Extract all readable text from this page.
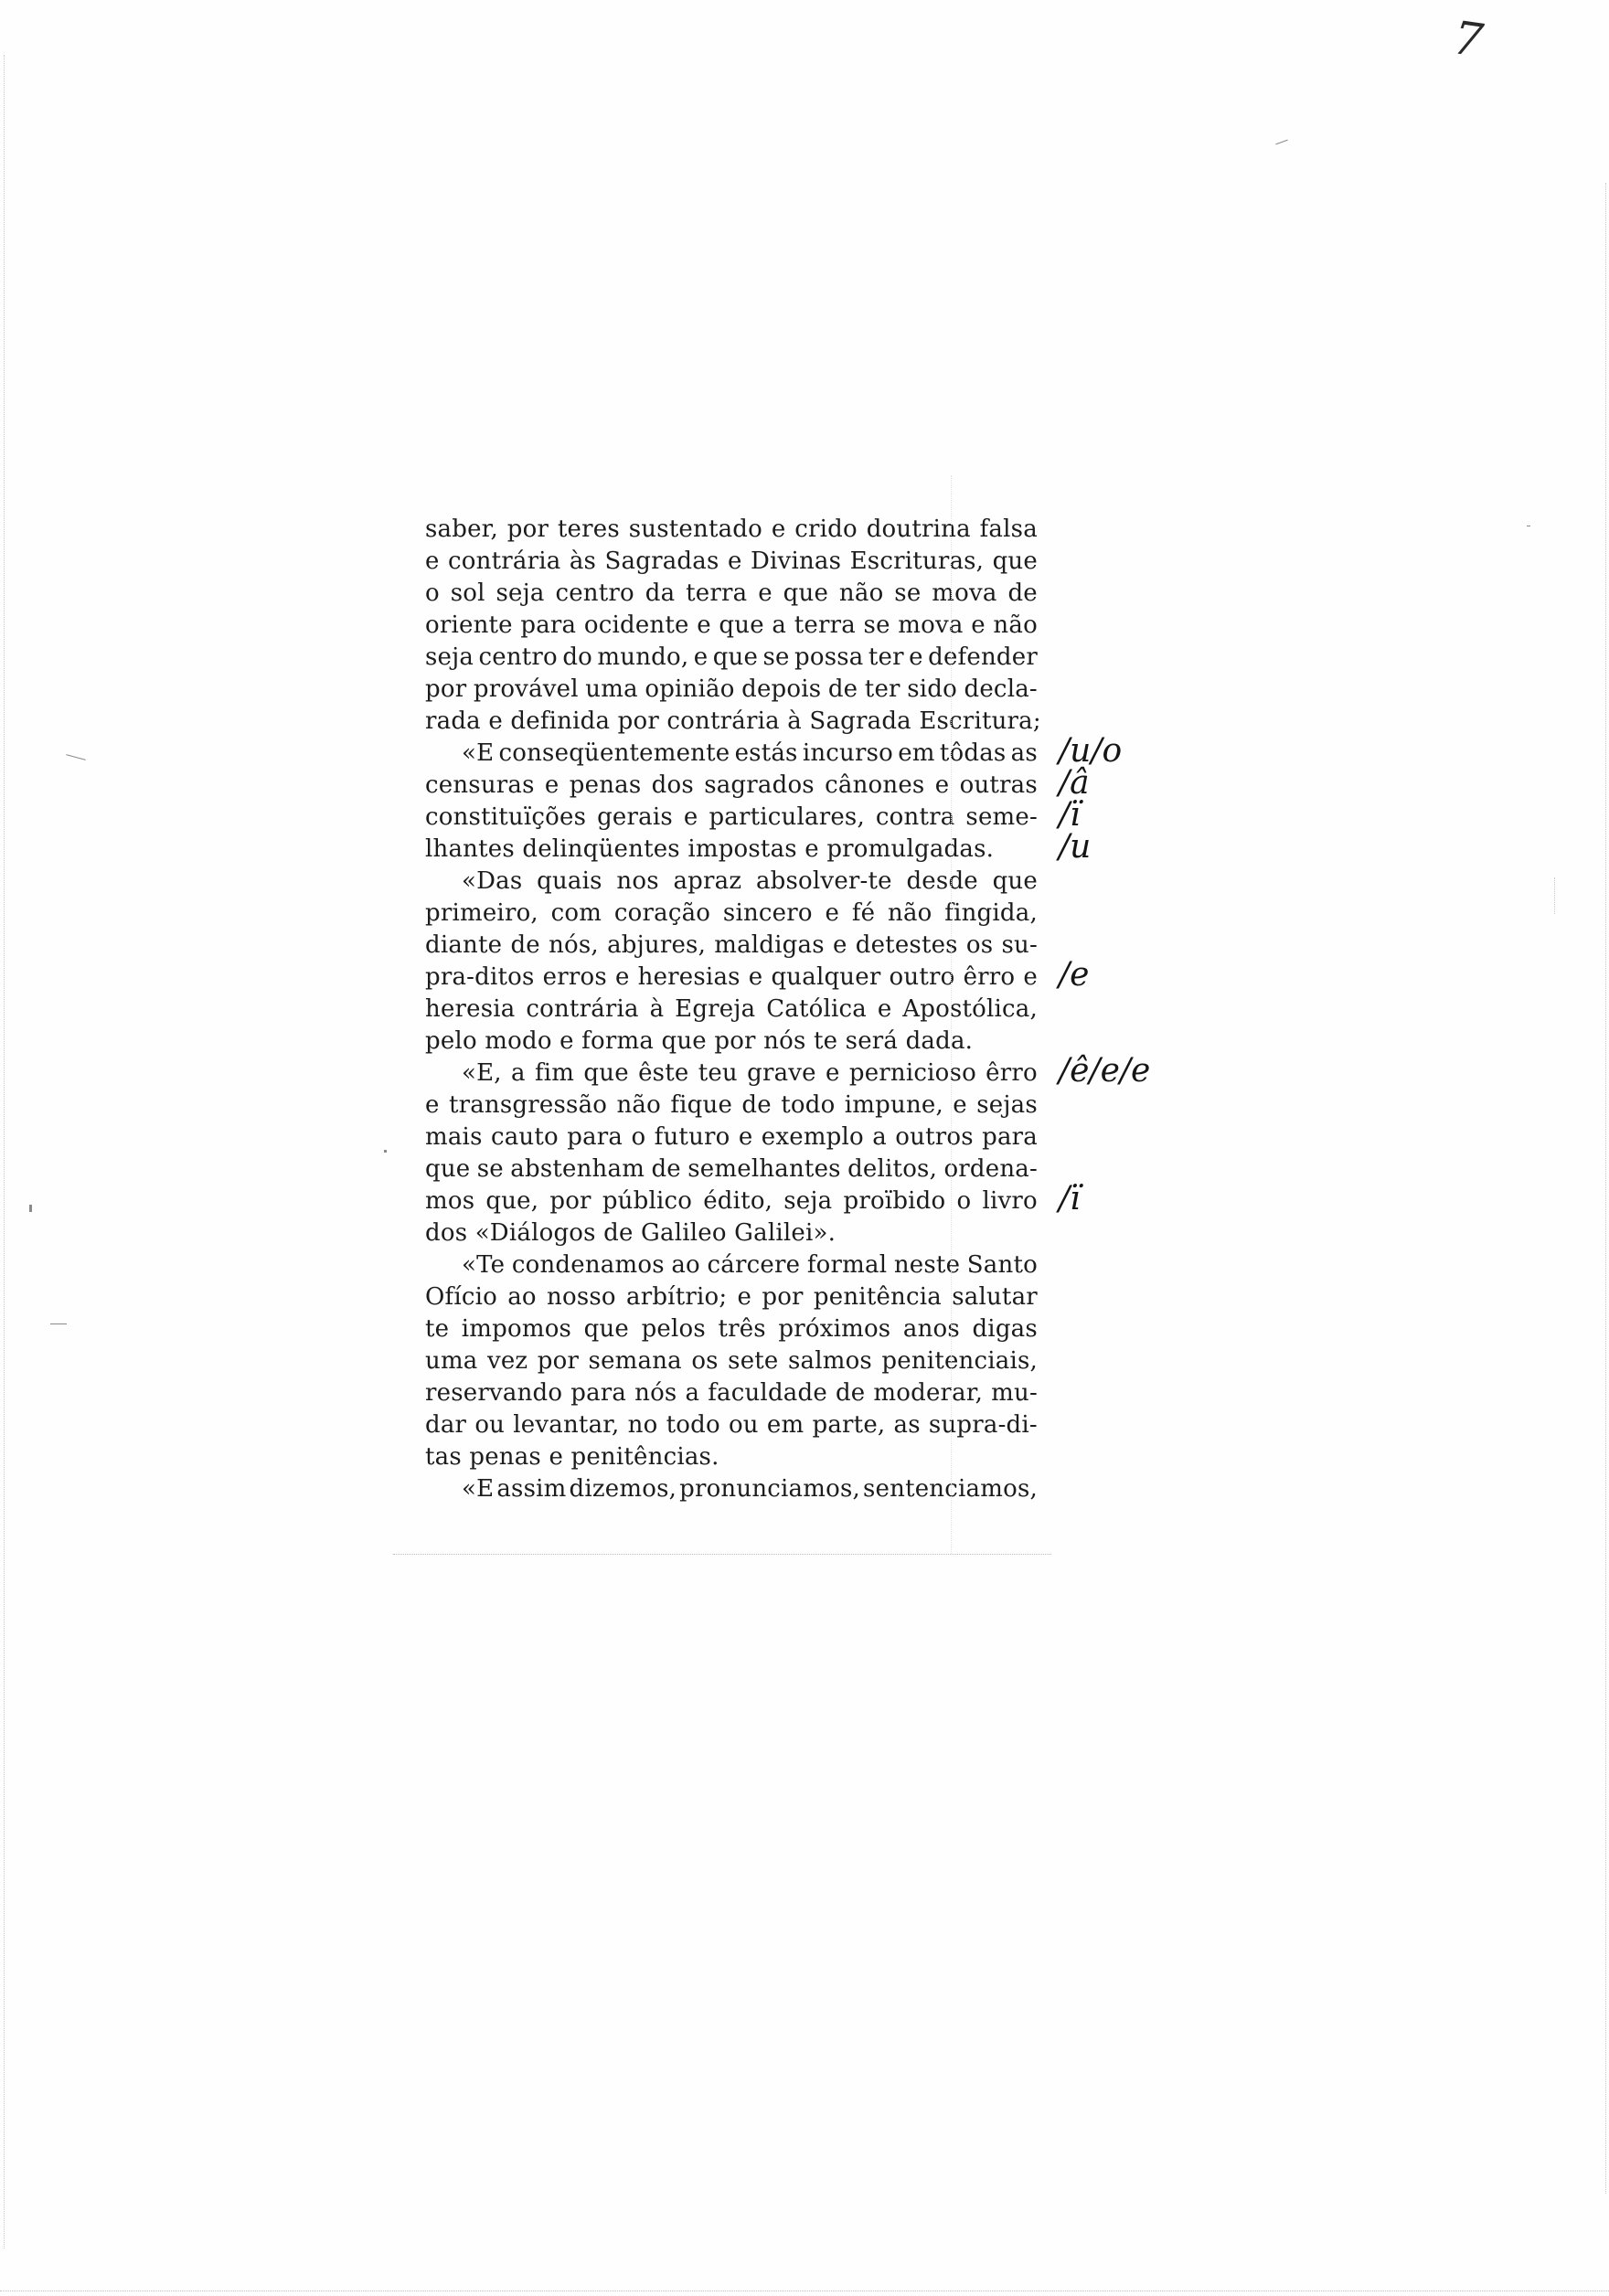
7
saber, por teres sustentado e crido doutrina falsa
e contrária às Sagradas e Divinas Escrituras, que
o sol seja centro da terra e que não se mova de
oriente para ocidente e que a terra se mova e não
seja centro do mundo, e que se possa ter e defender
por provável uma opinião depois de ter sido decla-
rada e definida por contrária à Sagrada Escritura;
«E conseqüentemente estás incurso em tôdas as
censuras e penas dos sagrados cânones e outras
constituïções gerais e particulares, contra seme-
lhantes delinqüentes impostas e promulgadas.
«Das quais nos apraz absolver-te desde que
primeiro, com coração sincero e fé não fingida,
diante de nós, abjures, maldigas e detestes os su-
pra-ditos erros e heresias e qualquer outro êrro e
heresia contrária à Egreja Católica e Apostólica,
pelo modo e forma que por nós te será dada.
«E, a fim que êste teu grave e pernicioso êrro
e transgressão não fique de todo impune, e sejas
mais cauto para o futuro e exemplo a outros para
que se abstenham de semelhantes delitos, ordena-
mos que, por público édito, seja proïbido o livro
dos «Diálogos de Galileo Galilei».
«Te condenamos ao cárcere formal neste Santo
Ofício ao nosso arbítrio; e por penitência salutar
te impomos que pelos três próximos anos digas
uma vez por semana os sete salmos penitenciais,
reservando para nós a faculdade de moderar, mu-
dar ou levantar, no todo ou em parte, as supra-di-
tas penas e penitências.
«E assim dizemos, pronunciamos, sentenciamos,
/u/o
/â
/ï
/u
/e
/ê/e/e
/ï
